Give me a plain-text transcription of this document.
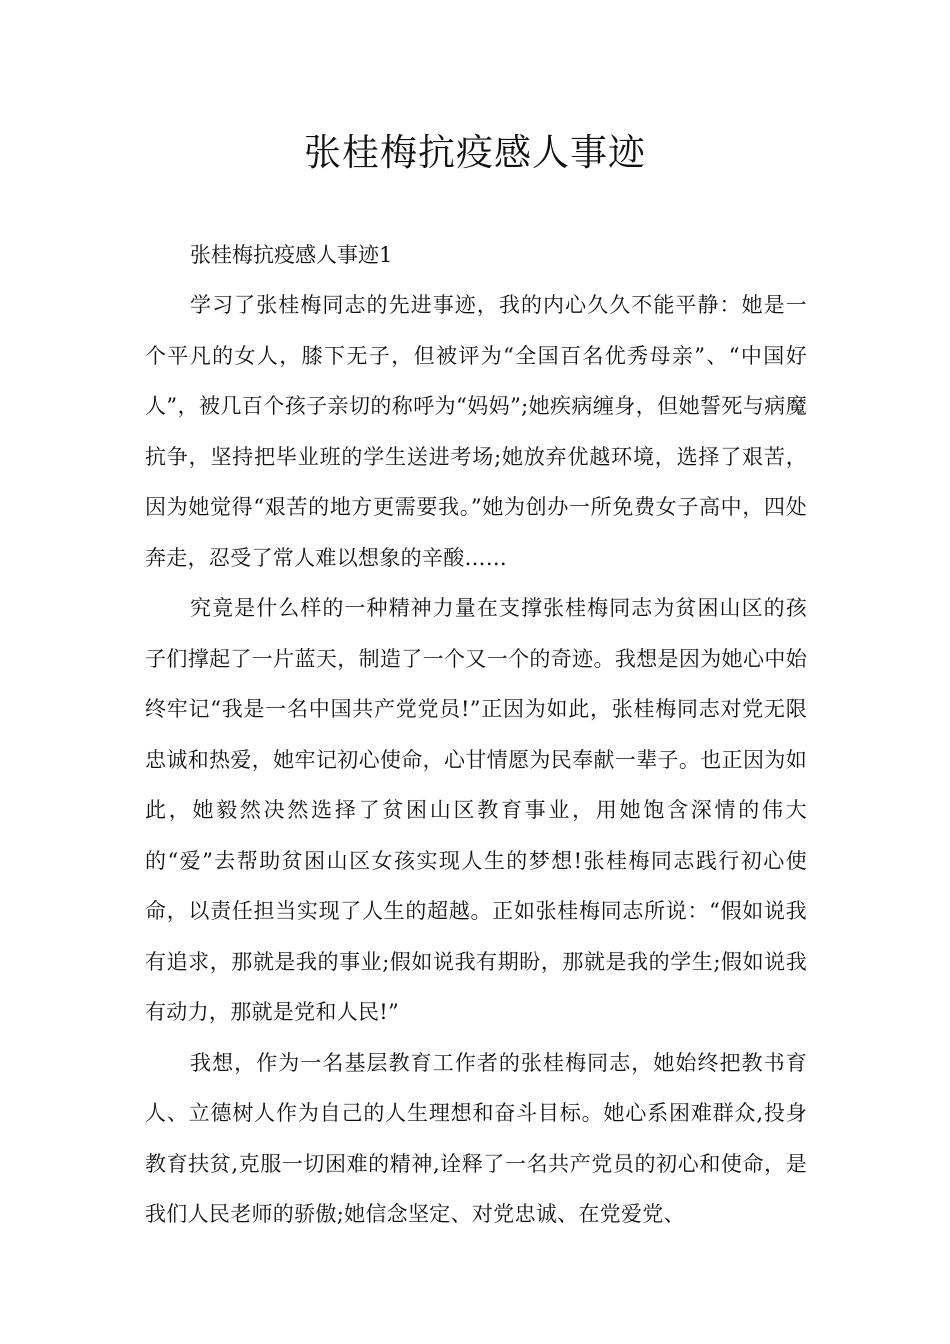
张桂梅抗疫感人事迹

张桂梅抗疫感人事迹1

学习了张桂梅同志的先进事迹，我的内心久久不能平静：她是一个平凡的女人，膝下无子，但被评为“全国百名优秀母亲”、“中国好人”，被几百个孩子亲切的称呼为“妈妈”;她疾病缠身，但她誓死与病魔抗争，坚持把毕业班的学生送进考场;她放弃优越环境，选择了艰苦，因为她觉得“艰苦的地方更需要我。”她为创办一所免费女子高中，四处奔走，忍受了常人难以想象的辛酸……

究竟是什么样的一种精神力量在支撑张桂梅同志为贫困山区的孩子们撑起了一片蓝天，制造了一个又一个的奇迹。我想是因为她心中始终牢记“我是一名中国共产党党员!”正因为如此，张桂梅同志对党无限忠诚和热爱，她牢记初心使命，心甘情愿为民奉献一辈子。也正因为如此，她毅然决然选择了贫困山区教育事业，用她饱含深情的伟大的“爱”去帮助贫困山区女孩实现人生的梦想!张桂梅同志践行初心使命，以责任担当实现了人生的超越。正如张桂梅同志所说：“假如说我有追求，那就是我的事业;假如说我有期盼，那就是我的学生;假如说我有动力，那就是党和人民!”

我想，作为一名基层教育工作者的张桂梅同志，她始终把教书育人、立德树人作为自己的人生理想和奋斗目标。她心系困难群众,投身教育扶贫,克服一切困难的精神,诠释了一名共产党员的初心和使命，是我们人民老师的骄傲;她信念坚定、对党忠诚、在党爱党、
